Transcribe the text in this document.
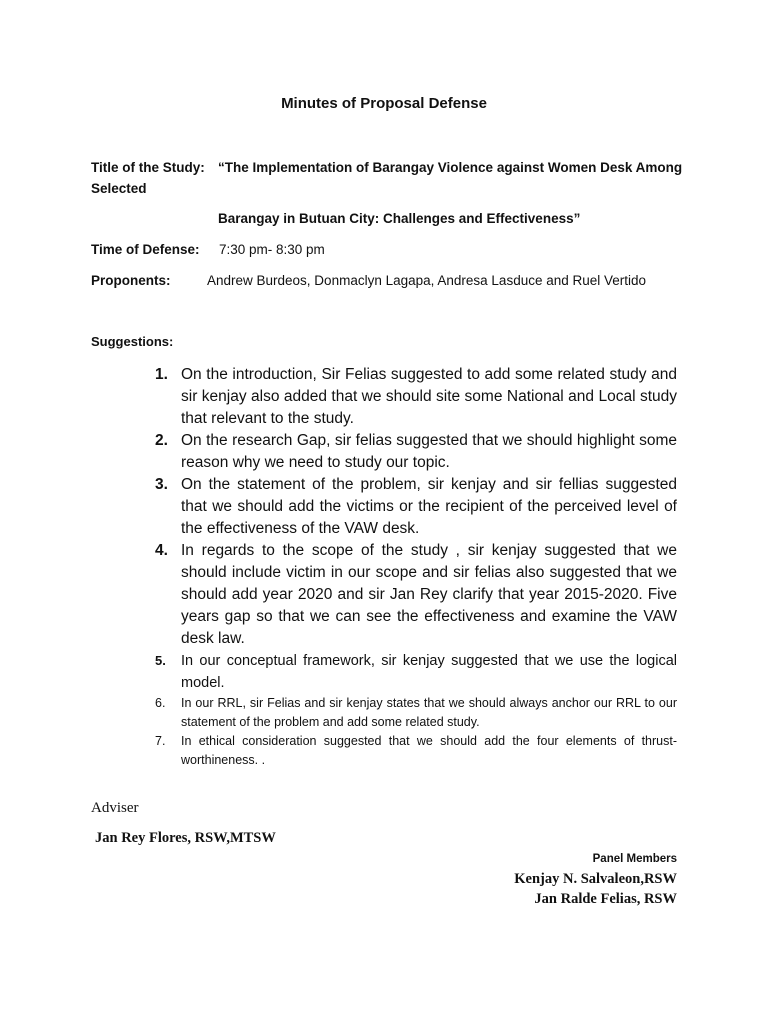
Minutes of Proposal Defense
Title of the Study: “The Implementation of Barangay Violence against Women Desk Among
Selected
Barangay in Butuan City: Challenges and Effectiveness”
Time of Defense: 7:30 pm- 8:30 pm
Proponents:	Andrew Burdeos, Donmaclyn Lagapa, Andresa Lasduce and Ruel Vertido
Suggestions:
1. On the introduction, Sir Felias suggested to add some related study and sir kenjay also added that we should site some National and Local study that relevant to the study.
2. On the research Gap, sir felias suggested that we should highlight some reason why we need to study our topic.
3. On the statement of the problem, sir kenjay and sir fellias suggested that we should add the victims or the recipient of the perceived level of the effectiveness of the VAW desk.
4. In regards to the scope of the study , sir kenjay suggested that we should include victim in our scope and sir felias also suggested that we should add year 2020 and sir Jan Rey clarify that year 2015-2020. Five years gap so that we can see the effectiveness and examine the VAW desk law.
5.	In our conceptual framework, sir kenjay suggested that we use the logical model.
6.	In our RRL, sir Felias and sir kenjay states that we should always anchor our RRL to our statement of the problem and add some related study.
7.	In ethical consideration suggested that we should add the four elements of thrust-worthineness. .
Adviser
Jan Rey Flores, RSW,MTSW
Panel Members
Kenjay N. Salvaleon,RSW
Jan Ralde Felias, RSW
